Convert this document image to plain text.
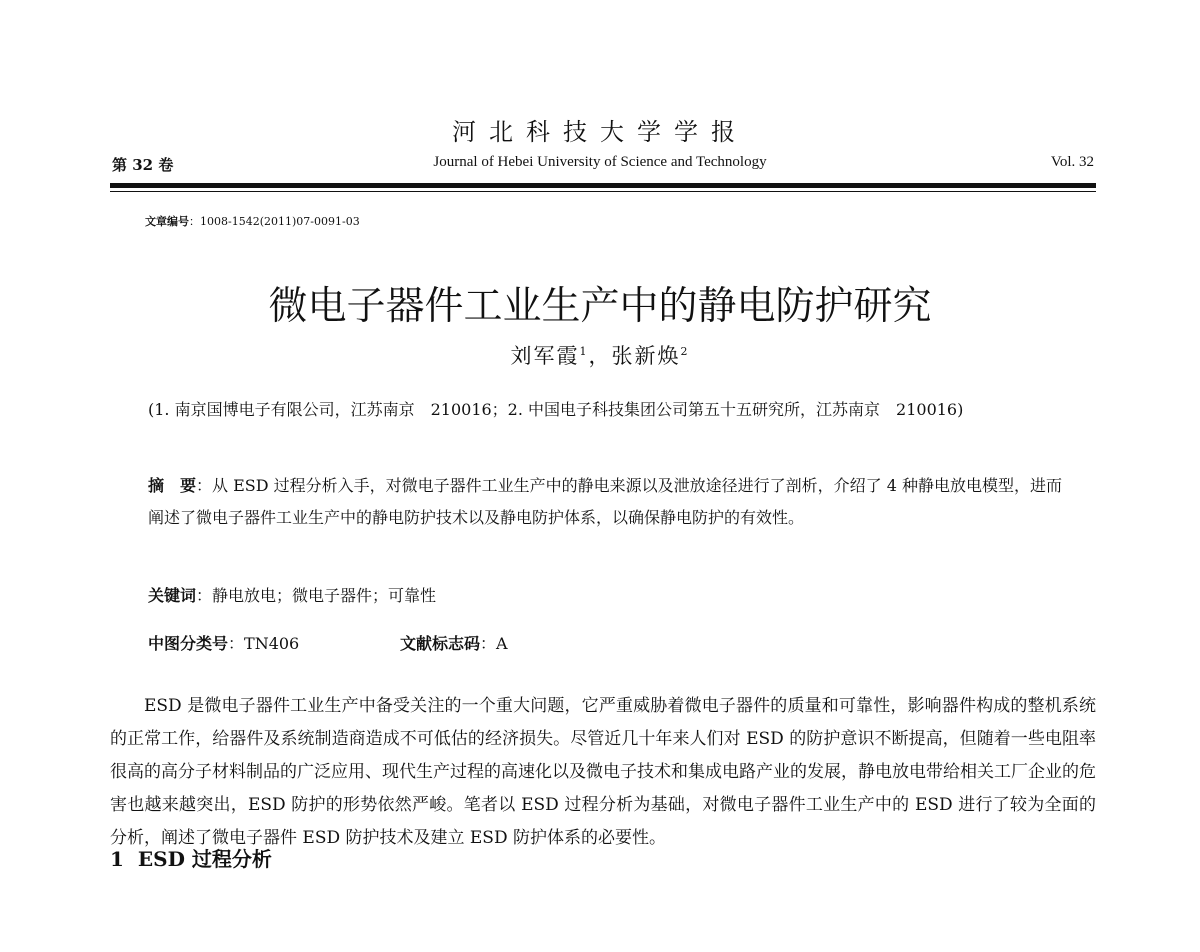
河北科技大学学报
第 32 卷	Journal of Hebei University of Science and Technology	Vol. 32
文章编号：1008-1542(2011)07-0091-03
微电子器件工业生产中的静电防护研究
刘军霞$^1$，张新焕$^2$
(1. 南京国博电子有限公司，江苏南京　210016；2. 中国电子科技集团公司第五十五研究所，江苏南京　210016)
摘　要：从 ESD 过程分析入手，对微电子器件工业生产中的静电来源以及泄放途径进行了剖析，介绍了 4 种静电放电模型，进而阐述了微电子器件工业生产中的静电防护技术以及静电防护体系，以确保静电防护的有效性。
关键词：静电放电；微电子器件；可靠性
中图分类号：TN406	文献标志码：A

ESD 是微电子器件工业生产中备受关注的一个重大问题，它严重威胁着微电子器件的质量和可靠性，影响器件构成的整机系统的正常工作，给器件及系统制造商造成不可低估的经济损失。尽管近几十年来人们对 ESD 的防护意识不断提高，但随着一些电阻率很高的高分子材料制品的广泛应用、现代生产过程的高速化以及微电子技术和集成电路产业的发展，静电放电带给相关工厂企业的危害也越来越突出，ESD 防护的形势依然严峻。笔者以 ESD 过程分析为基础，对微电子器件工业生产中的 ESD 进行了较为全面的分析，阐述了微电子器件 ESD 防护技术及建立 ESD 防护体系的必要性。

1 ESD 过程分析
